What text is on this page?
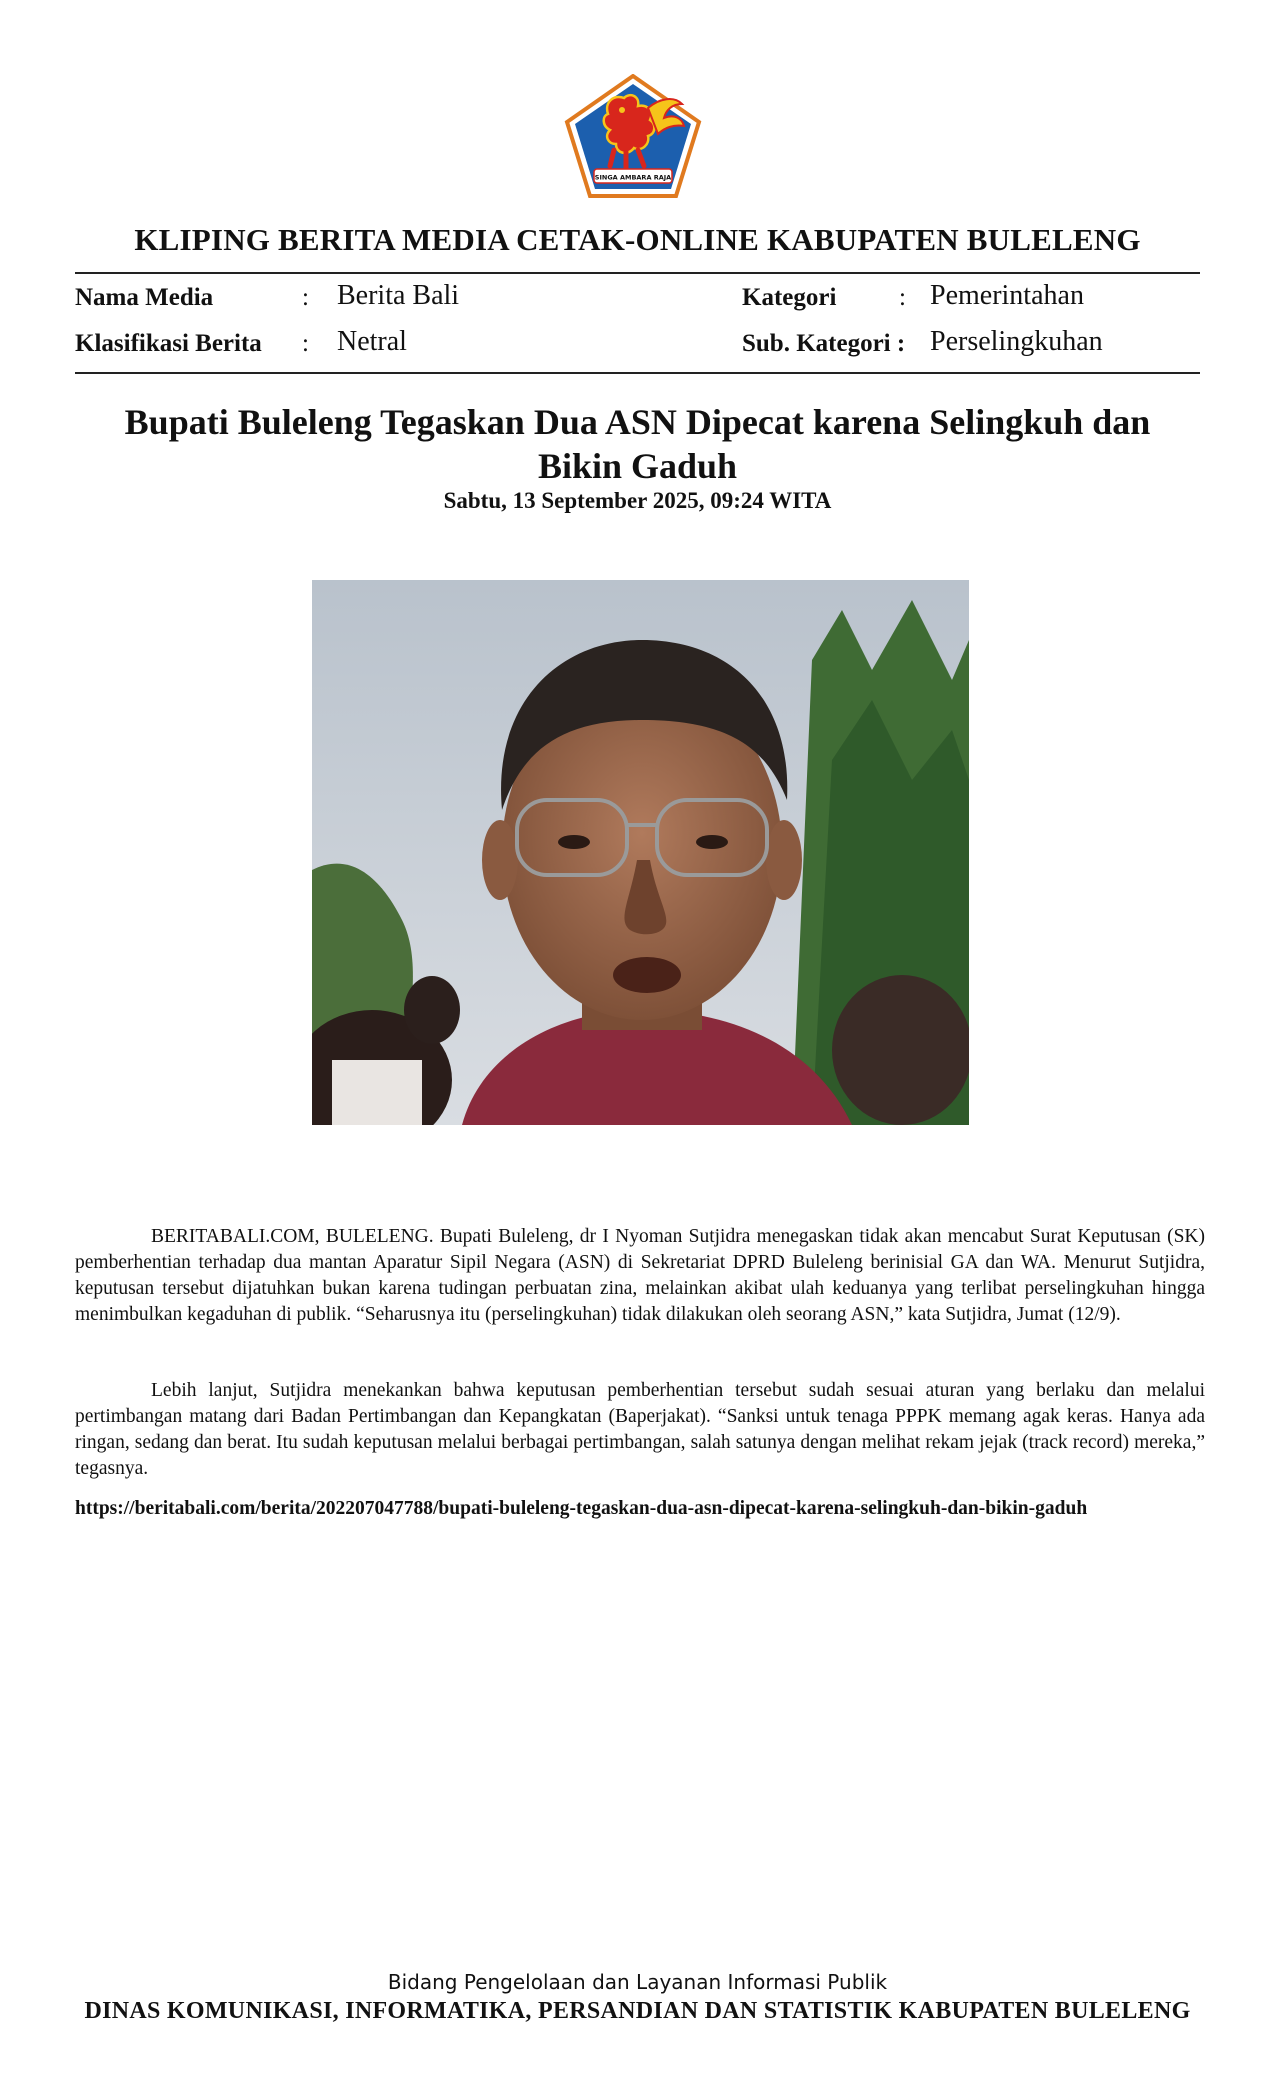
SINGA AMBARA RAJA
KLIPING BERITA MEDIA CETAK-ONLINE KABUPATEN BULELENG
Nama Media	: Berita Bali
Klasifikasi Berita : Netral
Kategori	: Pemerintahan
Sub. Kategori : Perselingkuhan
Bupati Buleleng Tegaskan Dua ASN Dipecat karena Selingkuh dan Bikin Gaduh
Sabtu, 13 September 2025, 09:24 WITA

BERITABALI.COM, BULELENG. Bupati Buleleng, dr I Nyoman Sutjidra menegaskan tidak akan mencabut Surat Keputusan (SK) pemberhentian terhadap dua mantan Aparatur Sipil Negara (ASN) di Sekretariat DPRD Buleleng berinisial GA dan WA. Menurut Sutjidra, keputusan tersebut dijatuhkan bukan karena tudingan perbuatan zina, melainkan akibat ulah keduanya yang terlibat perselingkuhan hingga menimbulkan kegaduhan di publik. “Seharusnya itu (perselingkuhan) tidak dilakukan oleh seorang ASN,” kata Sutjidra, Jumat (12/9).

Lebih lanjut, Sutjidra menekankan bahwa keputusan pemberhentian tersebut sudah sesuai aturan yang berlaku dan melalui pertimbangan matang dari Badan Pertimbangan dan Kepangkatan (Baperjakat). “Sanksi untuk tenaga PPPK memang agak keras. Hanya ada ringan, sedang dan berat. Itu sudah keputusan melalui berbagai pertimbangan, salah satunya dengan melihat rekam jejak (track record) mereka,” tegasnya.

https://beritabali.com/berita/202207047788/bupati-buleleng-tegaskan-dua-asn-dipecat-karena-selingkuh-dan-bikin-gaduh
Bidang Pengelolaan dan Layanan Informasi Publik
DINAS KOMUNIKASI, INFORMATIKA, PERSANDIAN DAN STATISTIK KABUPATEN BULELENG
